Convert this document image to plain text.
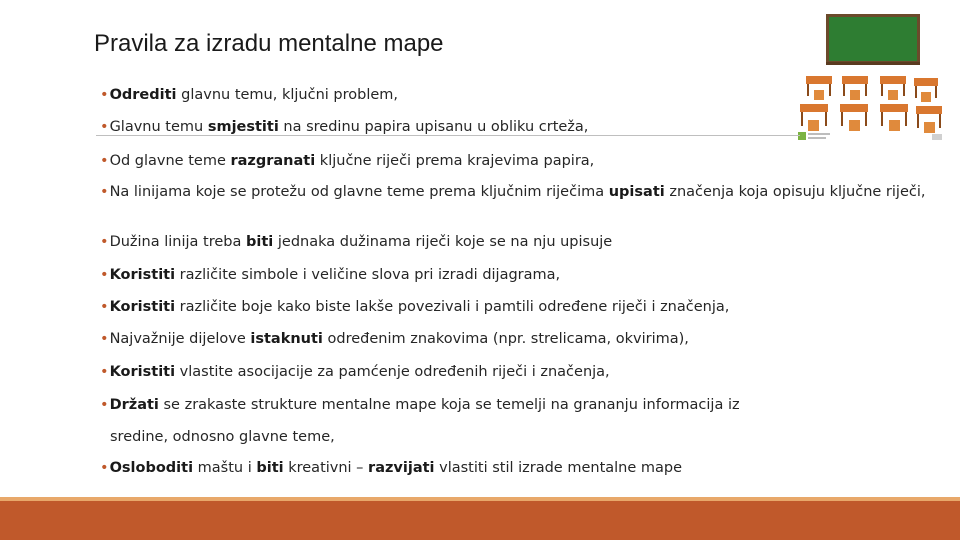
Pravila za izradu mentalne mape
•Odrediti glavnu temu, ključni problem,
•Glavnu temu smjestiti na sredinu papira upisanu u obliku crteža,
•Od glavne teme razgranati ključne riječi prema krajevima papira,
•Na linijama koje se protežu od glavne teme prema ključnim riječima upisati značenja koja opisuju ključne riječi,
•Dužina linija treba biti jednaka dužinama riječi koje se na nju upisuje
•Koristiti različite simbole i veličine slova pri izradi dijagrama,
•Koristiti različite boje kako biste lakše povezivali i pamtili određene riječi i značenja,
•Najvažnije dijelove istaknuti određenim znakovima (npr. strelicama, okvirima),
•Koristiti vlastite asocijacije za pamćenje određenih riječi i značenja,
•Držati se zrakaste strukture mentalne mape koja se temelji na grananju informacija iz
sredine, odnosno glavne teme,
•Osloboditi maštu i biti kreativni – razvijati vlastiti stil izrade mentalne mape
